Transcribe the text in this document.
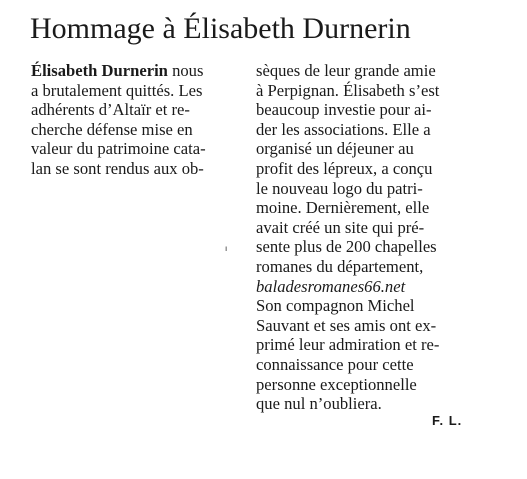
Hommage à Élisabeth Durnerin
Élisabeth Durnerin nous
a brutalement quittés. Les
adhérents d’Altaïr et re-
cherche défense mise en
valeur du patrimoine cata-
lan se sont rendus aux ob-
ı
sèques de leur grande amie
à Perpignan. Élisabeth s’est
beaucoup investie pour ai-
der les associations. Elle a
organisé un déjeuner au
profit des lépreux, a conçu
le nouveau logo du patri-
moine. Dernièrement, elle
avait créé un site qui pré-
sente plus de 200 chapelles
romanes du département,
baladesromanes66.net
Son compagnon Michel
Sauvant et ses amis ont ex-
primé leur admiration et re-
connaissance pour cette
personne exceptionnelle
que nul n’oubliera.
F. L.
